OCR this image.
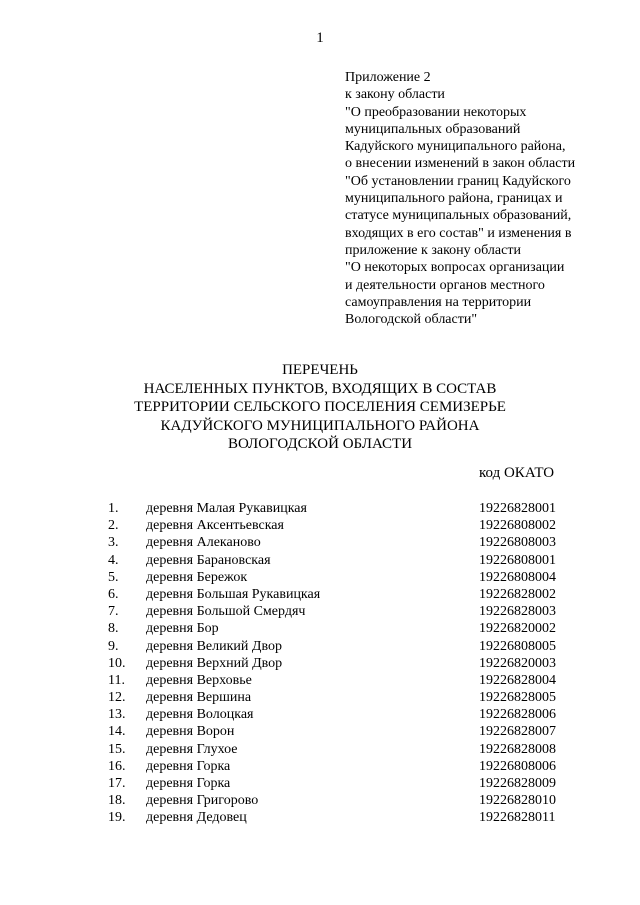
1
Приложение 2
к закону области
"О преобразовании некоторых
муниципальных образований
Кадуйского муниципального района,
о внесении изменений в закон области
"Об установлении границ Кадуйского
муниципального района, границах и
статусе муниципальных образований,
входящих в его состав" и изменения в
приложение к закону области
"О некоторых вопросах организации
и деятельности органов местного
самоуправления на территории
Вологодской области"
ПЕРЕЧЕНЬ
НАСЕЛЕННЫХ ПУНКТОВ, ВХОДЯЩИХ В СОСТАВ
ТЕРРИТОРИИ СЕЛЬСКОГО ПОСЕЛЕНИЯ СЕМИЗЕРЬЕ
КАДУЙСКОГО МУНИЦИПАЛЬНОГО РАЙОНА
ВОЛОГОДСКОЙ ОБЛАСТИ
код ОКАТО
1. деревня Малая Рукавицкая	19226828001
2. деревня Аксентьевская	19226808002
3. деревня Алеканово	19226808003
4. деревня Барановская	19226808001
5. деревня Бережок	19226808004
6. деревня Большая Рукавицкая	19226828002
7. деревня Большой Смердяч	19226828003
8. деревня Бор	19226820002
9. деревня Великий Двор	19226808005
10. деревня Верхний Двор	19226820003
11. деревня Верховье	19226828004
12. деревня Вершина	19226828005
13. деревня Волоцкая	19226828006
14. деревня Ворон	19226828007
15. деревня Глухое	19226828008
16. деревня Горка	19226808006
17. деревня Горка	19226828009
18. деревня Григорово	19226828010
19. деревня Дедовец	19226828011
